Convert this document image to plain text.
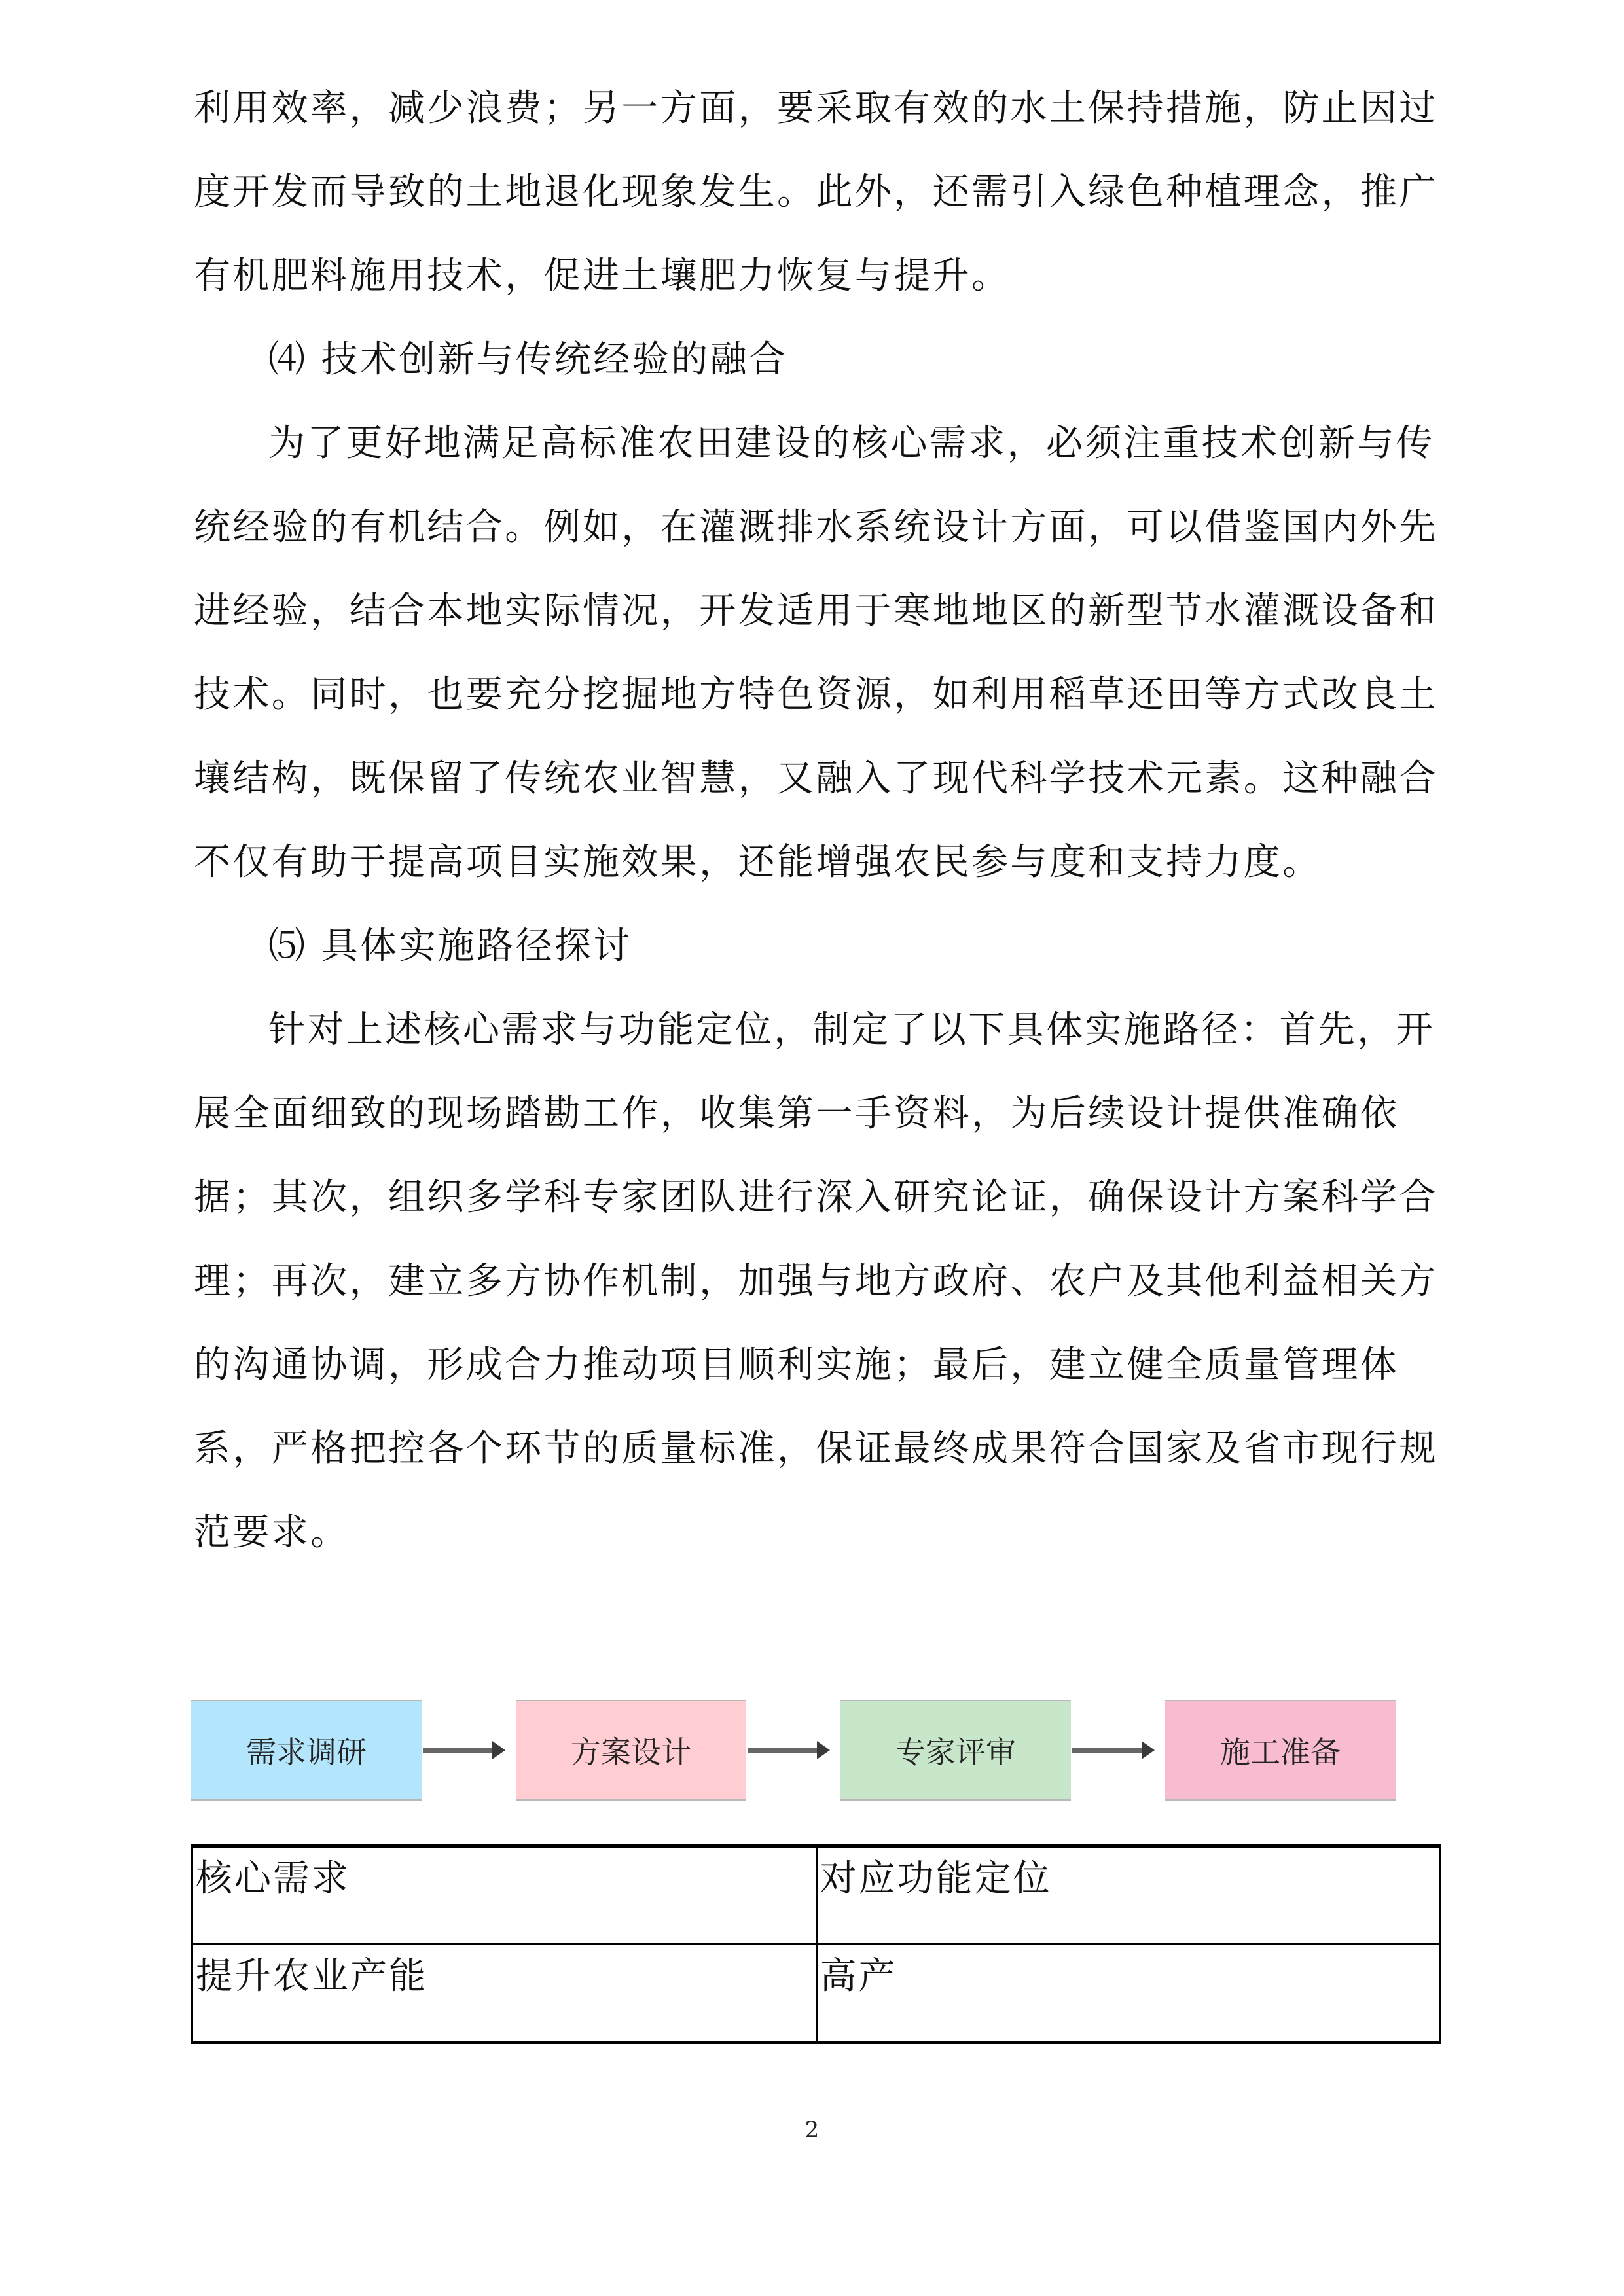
利用效率，减少浪费；另一方面，要采取有效的水土保持措施，防止因过
度开发而导致的土地退化现象发生。此外，还需引入绿色种植理念，推广
有机肥料施用技术，促进土壤肥力恢复与提升。
⑷ 技术创新与传统经验的融合
为了更好地满足高标准农田建设的核心需求，必须注重技术创新与传
统经验的有机结合。例如，在灌溉排水系统设计方面，可以借鉴国内外先
进经验，结合本地实际情况，开发适用于寒地地区的新型节水灌溉设备和
技术。同时，也要充分挖掘地方特色资源，如利用稻草还田等方式改良土
壤结构，既保留了传统农业智慧，又融入了现代科学技术元素。这种融合
不仅有助于提高项目实施效果，还能增强农民参与度和支持力度。
⑸ 具体实施路径探讨
针对上述核心需求与功能定位，制定了以下具体实施路径：首先，开
展全面细致的现场踏勘工作，收集第一手资料，为后续设计提供准确依
据；其次，组织多学科专家团队进行深入研究论证，确保设计方案科学合
理；再次，建立多方协作机制，加强与地方政府、农户及其他利益相关方
的沟通协调，形成合力推动项目顺利实施；最后，建立健全质量管理体
系，严格把控各个环节的质量标准，保证最终成果符合国家及省市现行规
范要求。
需求调研	方案设计	专家评审	施工准备
核心需求	对应功能定位
提升农业产能	高产
2
